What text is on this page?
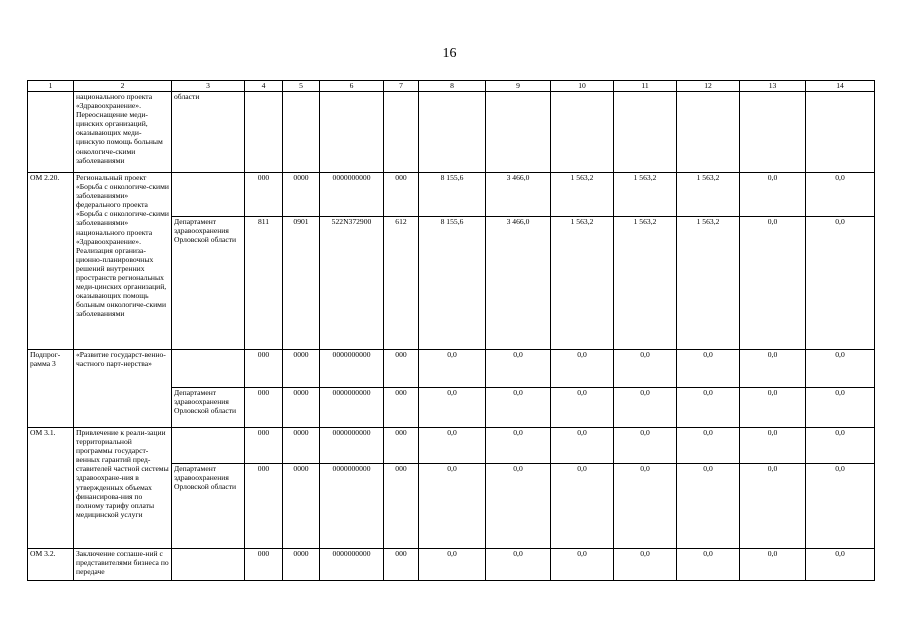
16
1	2	3	4	5	6	7	8	9	10	11	12	13	14
	национального проекта «Здравоохранение». Переоснащение меди-цинских организаций, оказывающих меди-цинскую помощь больным онкологиче-скими заболеваниями	области											
ОМ 2.20.	Региональный проект «Борьба с онкологиче-скими заболеваниями» федерального проекта «Борьба с онкологиче-скими заболеваниями» национального проекта «Здравоохранение». Реализация организа-ционно-планировочных решений внутренних пространств региональных меди-цинских организаций, оказывающих помощь больным онкологиче-скими заболеваниями		000	0000	0000000000	000	8 155,6	3 466,0	1 563,2	1 563,2	1 563,2	0,0	0,0
		Департамент здравоохранения Орловской области	811	0901	522N372900	612	8 155,6	3 466,0	1 563,2	1 563,2	1 563,2	0,0	0,0
Подпрог-рамма 3	«Развитие государст-венно-частного парт-нерства»		000	0000	0000000000	000	0,0	0,0	0,0	0,0	0,0	0,0	0,0
		Департамент здравоохранения Орловской области	000	0000	0000000000	000	0,0	0,0	0,0	0,0	0,0	0,0	0,0
ОМ 3.1.	Привлечение к реали-зации территориальной программы государст-венных гарантий пред-ставителей частной системы здравоохране-ния в утвержденных объемах финансирова-ния по полному тарифу оплаты медицинской услуги		000	0000	0000000000	000	0,0	0,0	0,0	0,0	0,0	0,0	0,0
		Департамент здравоохранения Орловской области	000	0000	0000000000	000	0,0	0,0	0,0	0,0	0,0	0,0	0,0
ОМ 3.2.	Заключение соглаше-ний с представителями бизнеса по передаче		000	0000	0000000000	000	0,0	0,0	0,0	0,0	0,0	0,0	0,0
